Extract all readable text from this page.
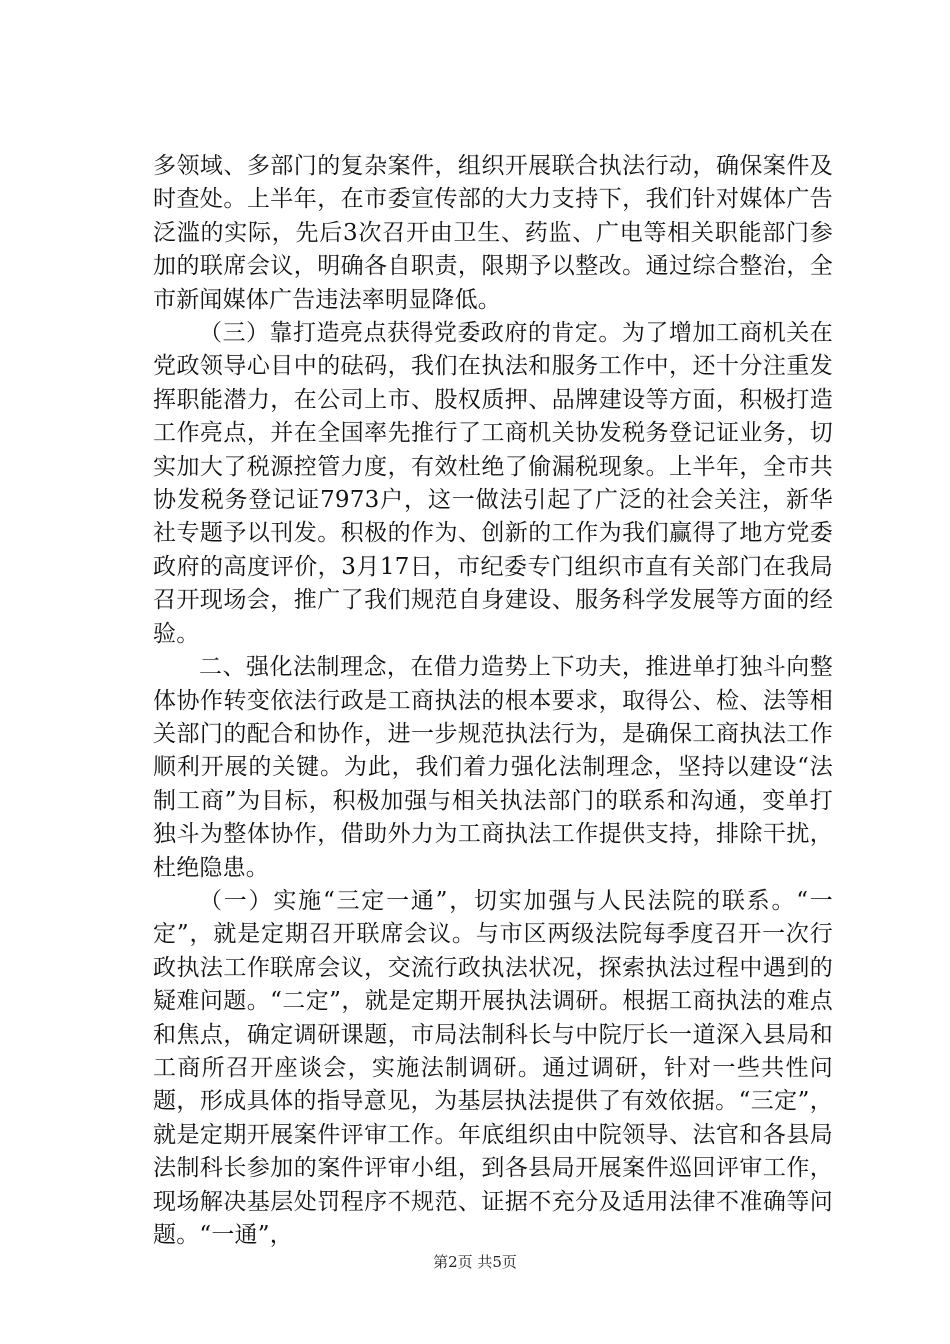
多领域、多部门的复杂案件，组织开展联合执法行动，确保案件及时查处。上半年，在市委宣传部的大力支持下，我们针对媒体广告泛滥的实际，先后3次召开由卫生、药监、广电等相关职能部门参加的联席会议，明确各自职责，限期予以整改。通过综合整治，全市新闻媒体广告违法率明显降低。

（三）靠打造亮点获得党委政府的肯定。为了增加工商机关在党政领导心目中的砝码，我们在执法和服务工作中，还十分注重发挥职能潜力，在公司上市、股权质押、品牌建设等方面，积极打造工作亮点，并在全国率先推行了工商机关协发税务登记证业务，切实加大了税源控管力度，有效杜绝了偷漏税现象。上半年，全市共协发税务登记证7973户，这一做法引起了广泛的社会关注，新华社专题予以刊发。积极的作为、创新的工作为我们赢得了地方党委政府的高度评价，3月17日，市纪委专门组织市直有关部门在我局召开现场会，推广了我们规范自身建设、服务科学发展等方面的经验。

二、强化法制理念，在借力造势上下功夫，推进单打独斗向整体协作转变依法行政是工商执法的根本要求，取得公、检、法等相关部门的配合和协作，进一步规范执法行为，是确保工商执法工作顺利开展的关键。为此，我们着力强化法制理念，坚持以建设“法制工商”为目标，积极加强与相关执法部门的联系和沟通，变单打独斗为整体协作，借助外力为工商执法工作提供支持，排除干扰，杜绝隐患。

（一）实施“三定一通”，切实加强与人民法院的联系。“一定”，就是定期召开联席会议。与市区两级法院每季度召开一次行政执法工作联席会议，交流行政执法状况，探索执法过程中遇到的疑难问题。“二定”，就是定期开展执法调研。根据工商执法的难点和焦点，确定调研课题，市局法制科长与中院厅长一道深入县局和工商所召开座谈会，实施法制调研。通过调研，针对一些共性问题，形成具体的指导意见，为基层执法提供了有效依据。“三定”，就是定期开展案件评审工作。年底组织由中院领导、法官和各县局法制科长参加的案件评审小组，到各县局开展案件巡回评审工作，现场解决基层处罚程序不规范、证据不充分及适用法律不准确等问题。“一通”，

第2页 共5页
